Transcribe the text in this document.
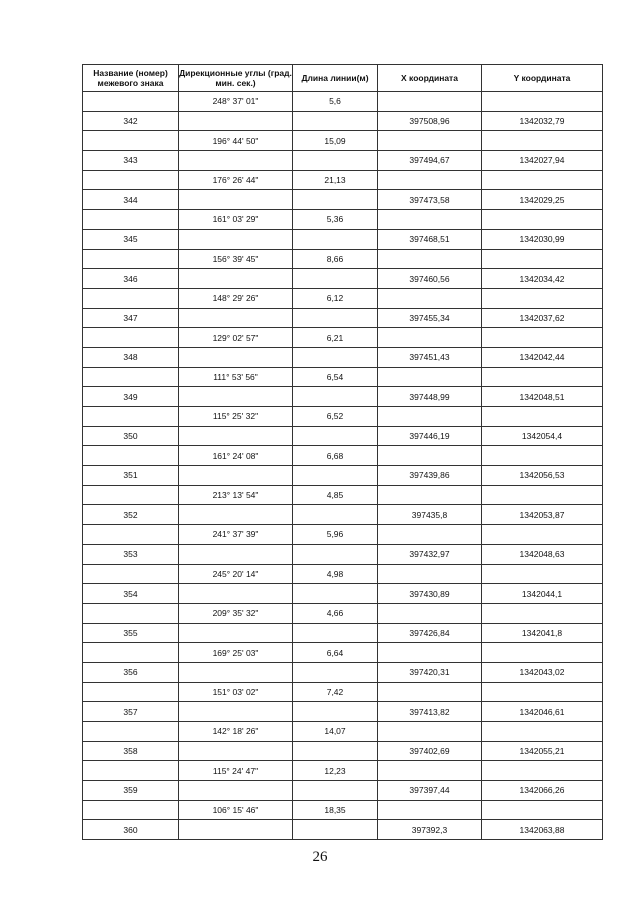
Название (номер) межевого знака	Дирекционные углы (град. мин. сек.)	Длина линии(м)	X координата	Y координата
	248° 37' 01"	5,6		
342			397508,96	1342032,79
	196° 44' 50"	15,09		
343			397494,67	1342027,94
	176° 26' 44"	21,13		
344			397473,58	1342029,25
	161° 03' 29"	5,36		
345			397468,51	1342030,99
	156° 39' 45"	8,66		
346			397460,56	1342034,42
	148° 29' 26"	6,12		
347			397455,34	1342037,62
	129° 02' 57"	6,21		
348			397451,43	1342042,44
	111° 53' 56"	6,54		
349			397448,99	1342048,51
	115° 25' 32"	6,52		
350			397446,19	1342054,4
	161° 24' 08"	6,68		
351			397439,86	1342056,53
	213° 13' 54"	4,85		
352			397435,8	1342053,87
	241° 37' 39"	5,96		
353			397432,97	1342048,63
	245° 20' 14"	4,98		
354			397430,89	1342044,1
	209° 35' 32"	4,66		
355			397426,84	1342041,8
	169° 25' 03"	6,64		
356			397420,31	1342043,02
	151° 03' 02"	7,42		
357			397413,82	1342046,61
	142° 18' 26"	14,07		
358			397402,69	1342055,21
	115° 24' 47"	12,23		
359			397397,44	1342066,26
	106° 15' 46"	18,35		
360			397392,3	1342063,88
26
